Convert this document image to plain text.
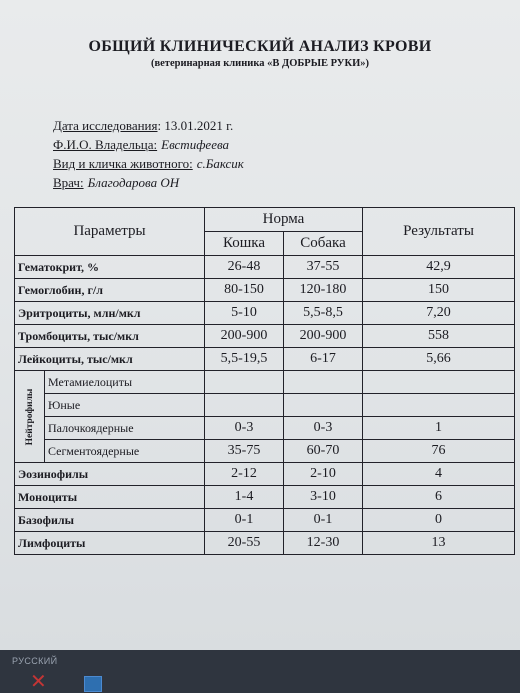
ОБЩИЙ КЛИНИЧЕСКИЙ АНАЛИЗ КРОВИ
(ветеринарная клиника «В ДОБРЫЕ РУКИ»)
Дата исследования: 13.01.2021 г.
Ф.И.О. Владельца: Евстифеева
Вид и кличка животного: с.Баксик
Врач: Благодарова ОН
Параметры		Норма		Результаты
		Кошка	Собака	
Гематокрит, %		26-48	37-55	42,9
Гемоглобин, г/л		80-150	120-180	150
Эритроциты, млн/мкл		5-10	5,5-8,5	7,20
Тромбоциты, тыс/мкл		200-900	200-900	558
Лейкоциты, тыс/мкл		5,5-19,5	6-17	5,66

Нейтрофилы	Метамиелоциты			
	Юные			
	Палочкоядерные	0-3	0-3	1
	Сегментоядерные	35-75	60-70	76
Эозинофилы		2-12	2-10	4
Моноциты		1-4	3-10	6
Базофилы		0-1	0-1	0
Лимфоциты		20-55	12-30	13
РУССКИЙ
✕
